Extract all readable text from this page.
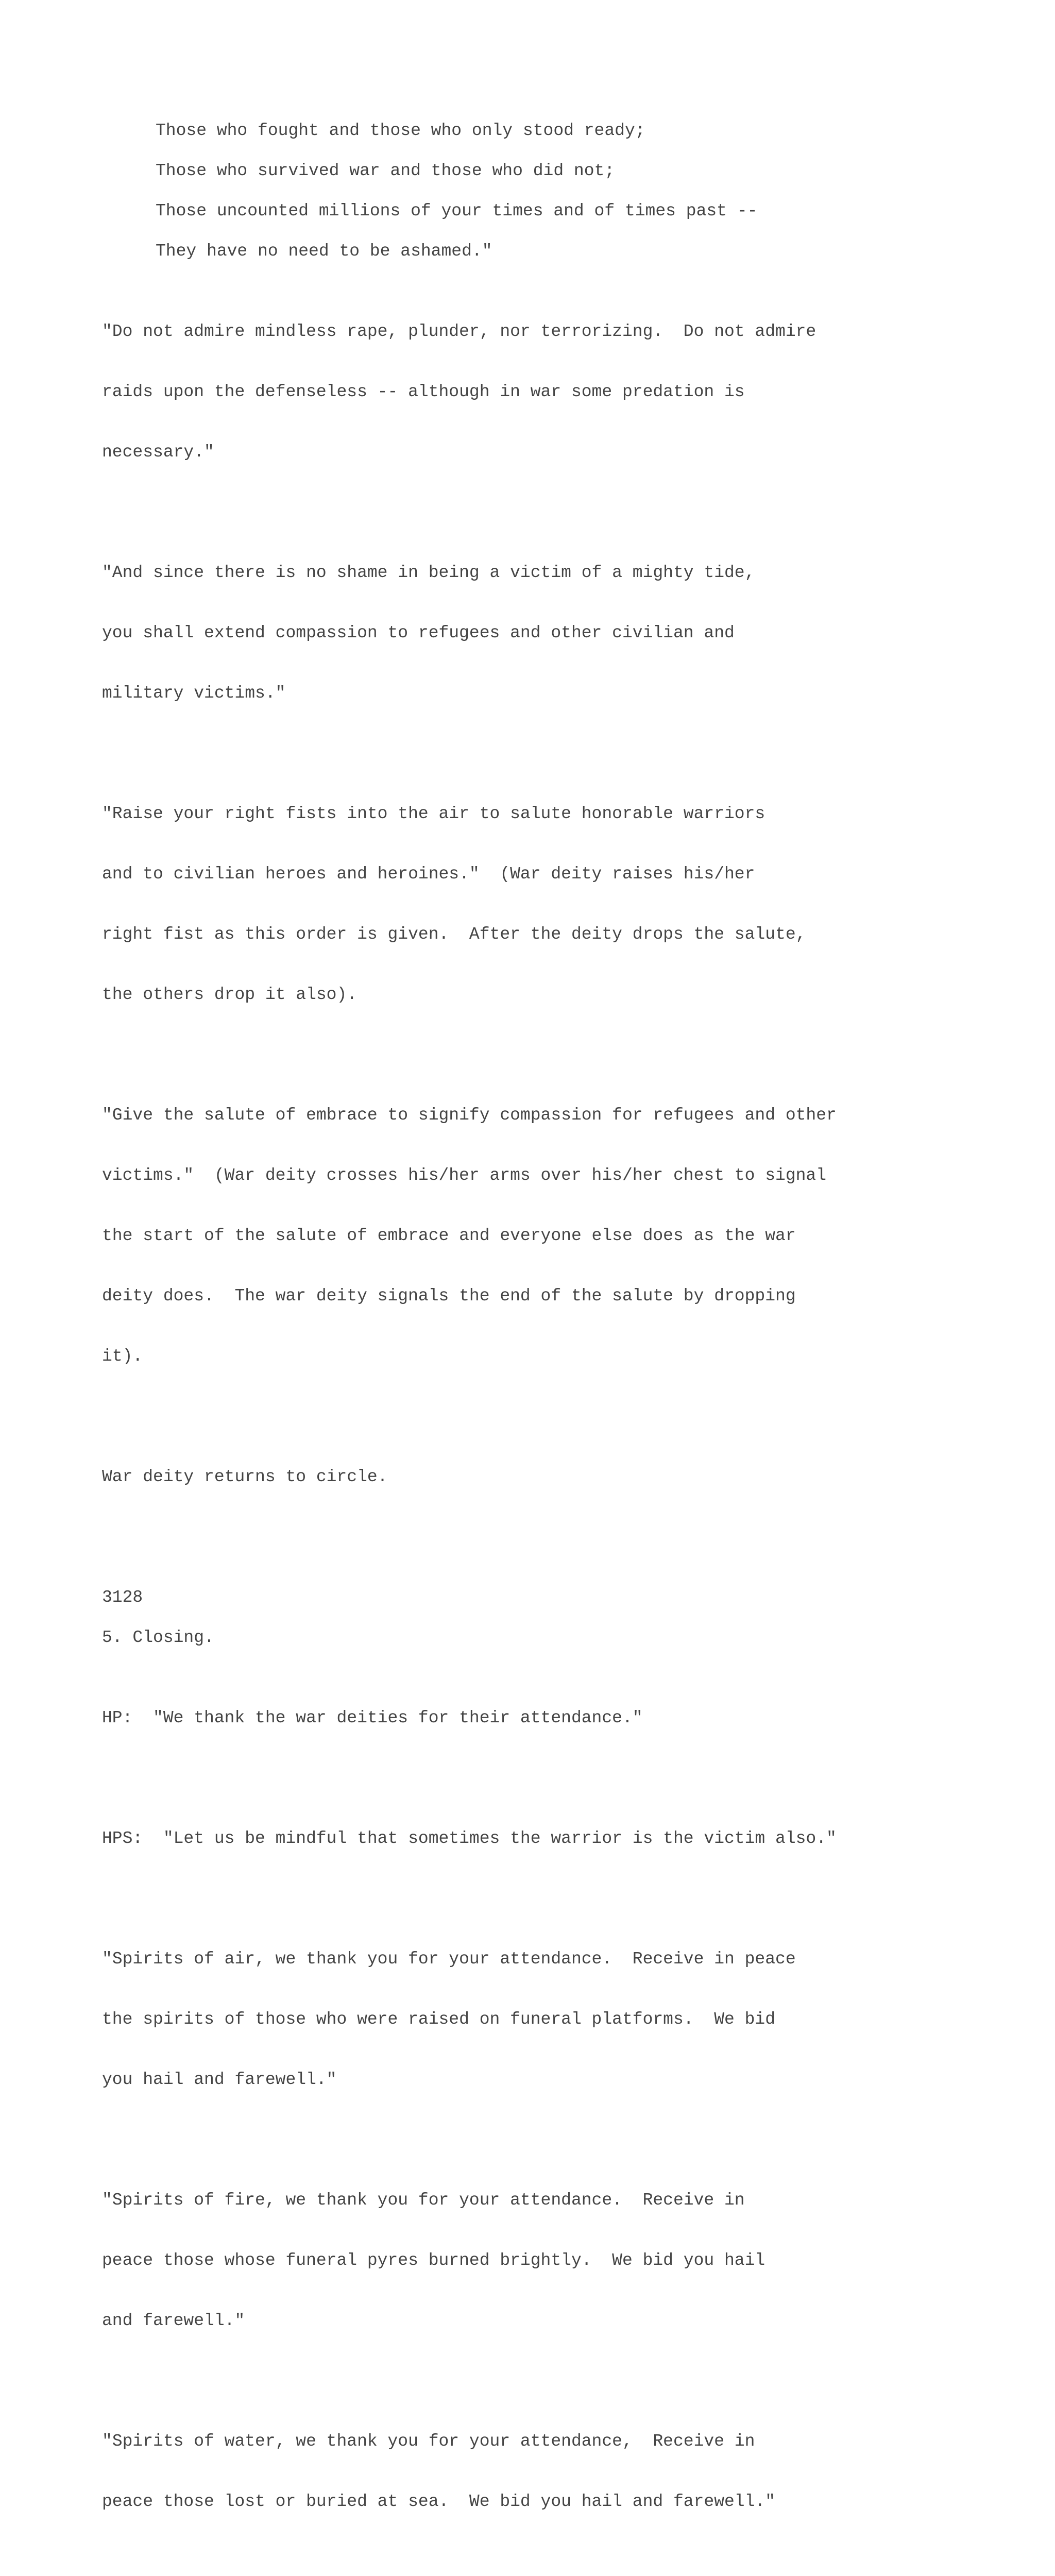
Those who fought and those who only stood ready;
Those who survived war and those who did not;
Those uncounted millions of your times and of times past --
They have no need to be ashamed."

"Do not admire mindless rape, plunder, nor terrorizing.  Do not admire

raids upon the defenseless -- although in war some predation is

necessary."

"And since there is no shame in being a victim of a mighty tide,

you shall extend compassion to refugees and other civilian and

military victims."

"Raise your right fists into the air to salute honorable warriors

and to civilian heroes and heroines."  (War deity raises his/her

right fist as this order is given.  After the deity drops the salute,

the others drop it also).

"Give the salute of embrace to signify compassion for refugees and other

victims."  (War deity crosses his/her arms over his/her chest to signal

the start of the salute of embrace and everyone else does as the war

deity does.  The war deity signals the end of the salute by dropping

it).

War deity returns to circle.

3128
5. Closing.

HP:  "We thank the war deities for their attendance."

HPS:  "Let us be mindful that sometimes the warrior is the victim also."

"Spirits of air, we thank you for your attendance.  Receive in peace

the spirits of those who were raised on funeral platforms.  We bid

you hail and farewell."

"Spirits of fire, we thank you for your attendance.  Receive in

peace those whose funeral pyres burned brightly.  We bid you hail

and farewell."

"Spirits of water, we thank you for your attendance,  Receive in

peace those lost or buried at sea.  We bid you hail and farewell."
